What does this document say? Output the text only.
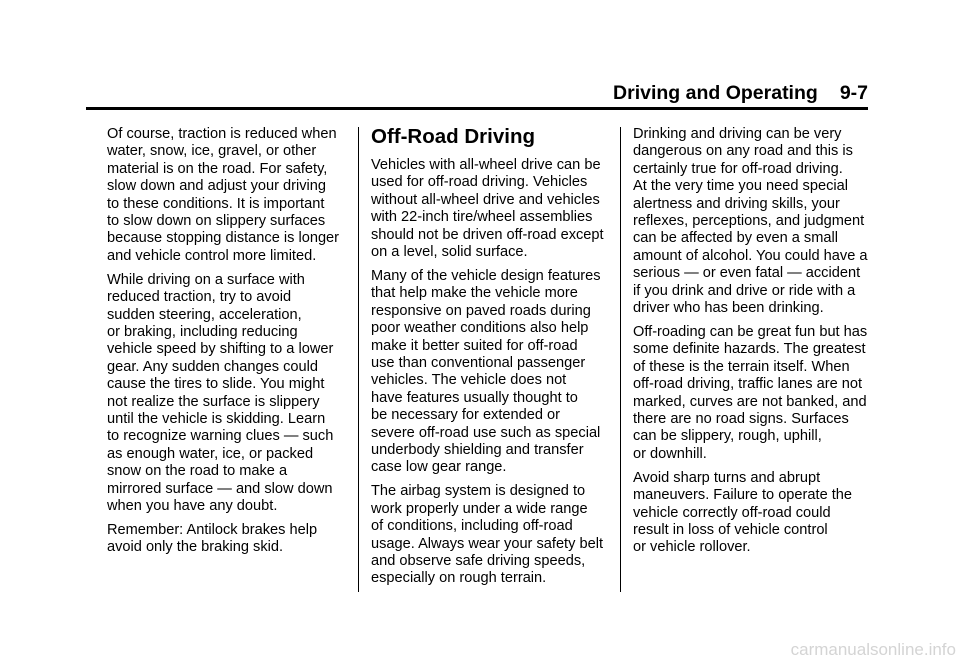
Driving and Operating 9-7

Of course, traction is reduced when
water, snow, ice, gravel, or other
material is on the road. For safety,
slow down and adjust your driving
to these conditions. It is important
to slow down on slippery surfaces
because stopping distance is longer
and vehicle control more limited.

While driving on a surface with
reduced traction, try to avoid
sudden steering, acceleration,
or braking, including reducing
vehicle speed by shifting to a lower
gear. Any sudden changes could
cause the tires to slide. You might
not realize the surface is slippery
until the vehicle is skidding. Learn
to recognize warning clues — such
as enough water, ice, or packed
snow on the road to make a
mirrored surface — and slow down
when you have any doubt.

Remember: Antilock brakes help
avoid only the braking skid.

Off-Road Driving

Vehicles with all-wheel drive can be
used for off-road driving. Vehicles
without all-wheel drive and vehicles
with 22-inch tire/wheel assemblies
should not be driven off-road except
on a level, solid surface.

Many of the vehicle design features
that help make the vehicle more
responsive on paved roads during
poor weather conditions also help
make it better suited for off-road
use than conventional passenger
vehicles. The vehicle does not
have features usually thought to
be necessary for extended or
severe off-road use such as special
underbody shielding and transfer
case low gear range.

The airbag system is designed to
work properly under a wide range
of conditions, including off-road
usage. Always wear your safety belt
and observe safe driving speeds,
especially on rough terrain.

Drinking and driving can be very
dangerous on any road and this is
certainly true for off-road driving.
At the very time you need special
alertness and driving skills, your
reflexes, perceptions, and judgment
can be affected by even a small
amount of alcohol. You could have a
serious — or even fatal — accident
if you drink and drive or ride with a
driver who has been drinking.

Off-roading can be great fun but has
some definite hazards. The greatest
of these is the terrain itself. When
off-road driving, traffic lanes are not
marked, curves are not banked, and
there are no road signs. Surfaces
can be slippery, rough, uphill,
or downhill.

Avoid sharp turns and abrupt
maneuvers. Failure to operate the
vehicle correctly off-road could
result in loss of vehicle control
or vehicle rollover.

carmanualsonline.info
